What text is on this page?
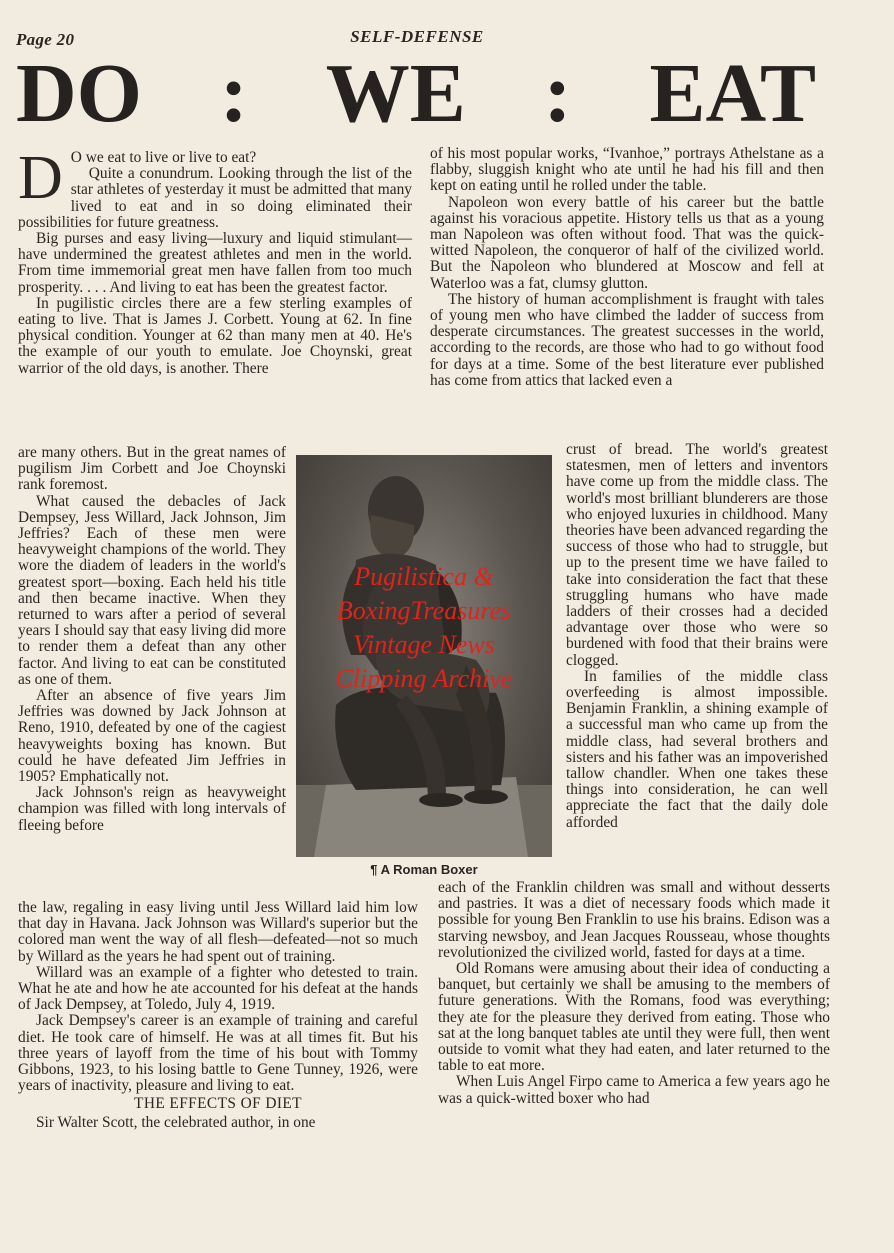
Page 20	SELF-DEFENSE
DO : WE : EAT
D O we eat to live or live to eat?

Quite a conundrum. Looking through the list of the star athletes of yesterday it must be admitted that many lived to eat and in so doing eliminated their possibilities for future greatness.

Big purses and easy living—luxury and liquid stimulant—have undermined the greatest athletes and men in the world. From time immemorial great men have fallen from too much prosperity. . . . And living to eat has been the greatest factor.

In pugilistic circles there are a few sterling examples of eating to live. That is James J. Corbett. Young at 62. In fine physical condition. Younger at 62 than many men at 40. He's the example of our youth to emulate. Joe Choynski, great warrior of the old days, is another. There

are many others. But in the great names of pugilism Jim Corbett and Joe Choynski rank foremost.

What caused the debacles of Jack Dempsey, Jess Willard, Jack Johnson, Jim Jeffries? Each of these men were heavyweight champions of the world. They wore the diadem of leaders in the world's greatest sport—boxing. Each held his title and then became inactive. When they returned to wars after a period of several years I should say that easy living did more to render them a defeat than any other factor. And living to eat can be constituted as one of them.

After an absence of five years Jim Jeffries was downed by Jack Johnson at Reno, 1910, defeated by one of the cagiest heavyweights boxing has known. But could he have defeated Jim Jeffries in 1905? Emphatically not.

Jack Johnson's reign as heavyweight champion was filled with long intervals of fleeing before

the law, regaling in easy living until Jess Willard laid him low that day in Havana. Jack Johnson was Willard's superior but the colored man went the way of all flesh—defeated—not so much by Willard as the years he had spent out of training.

Willard was an example of a fighter who detested to train. What he ate and how he ate accounted for his defeat at the hands of Jack Dempsey, at Toledo, July 4, 1919.

Jack Dempsey's career is an example of training and careful diet. He took care of himself. He was at all times fit. But his three years of layoff from the time of his bout with Tommy Gibbons, 1923, to his losing battle to Gene Tunney, 1926, were years of inactivity, pleasure and living to eat.

THE EFFECTS OF DIET

Sir Walter Scott, the celebrated author, in one

of his most popular works, “Ivanhoe,” portrays Athelstane as a flabby, sluggish knight who ate until he had his fill and then kept on eating until he rolled under the table.

Napoleon won every battle of his career but the battle against his voracious appetite. History tells us that as a young man Napoleon was often without food. That was the quick-witted Napoleon, the conqueror of half of the civilized world. But the Napoleon who blundered at Moscow and fell at Waterloo was a fat, clumsy glutton.

The history of human accomplishment is fraught with tales of young men who have climbed the ladder of success from desperate circumstances. The greatest successes in the world, according to the records, are those who had to go without food for days at a time. Some of the best literature ever published has come from attics that lacked even a

crust of bread. The world's greatest statesmen, men of letters and inventors have come up from the middle class. The world's most brilliant blunderers are those who enjoyed luxuries in childhood. Many theories have been advanced regarding the success of those who had to struggle, but up to the present time we have failed to take into consideration the fact that these struggling humans who have made ladders of their crosses had a decided advantage over those who were so burdened with food that their brains were clogged.

In families of the middle class overfeeding is almost impossible. Benjamin Franklin, a shining example of a successful man who came up from the middle class, had several brothers and sisters and his father was an impoverished tallow chandler. When one takes these things into consideration, he can well appreciate the fact that the daily dole afforded

each of the Franklin children was small and without desserts and pastries. It was a diet of necessary foods which made it possible for young Ben Franklin to use his brains. Edison was a starving newsboy, and Jean Jacques Rousseau, whose thoughts revolutionized the civilized world, fasted for days at a time.

Old Romans were amusing about their idea of conducting a banquet, but certainly we shall be amusing to the members of future generations. With the Romans, food was everything; they ate for the pleasure they derived from eating. Those who sat at the long banquet tables ate until they were full, then went outside to vomit what they had eaten, and later returned to the table to eat more.

When Luis Angel Firpo came to America a few years ago he was a quick-witted boxer who had

Pugilistica &
BoxingTreasures
Vintage News
Clipping Archive
¶ A Roman Boxer
